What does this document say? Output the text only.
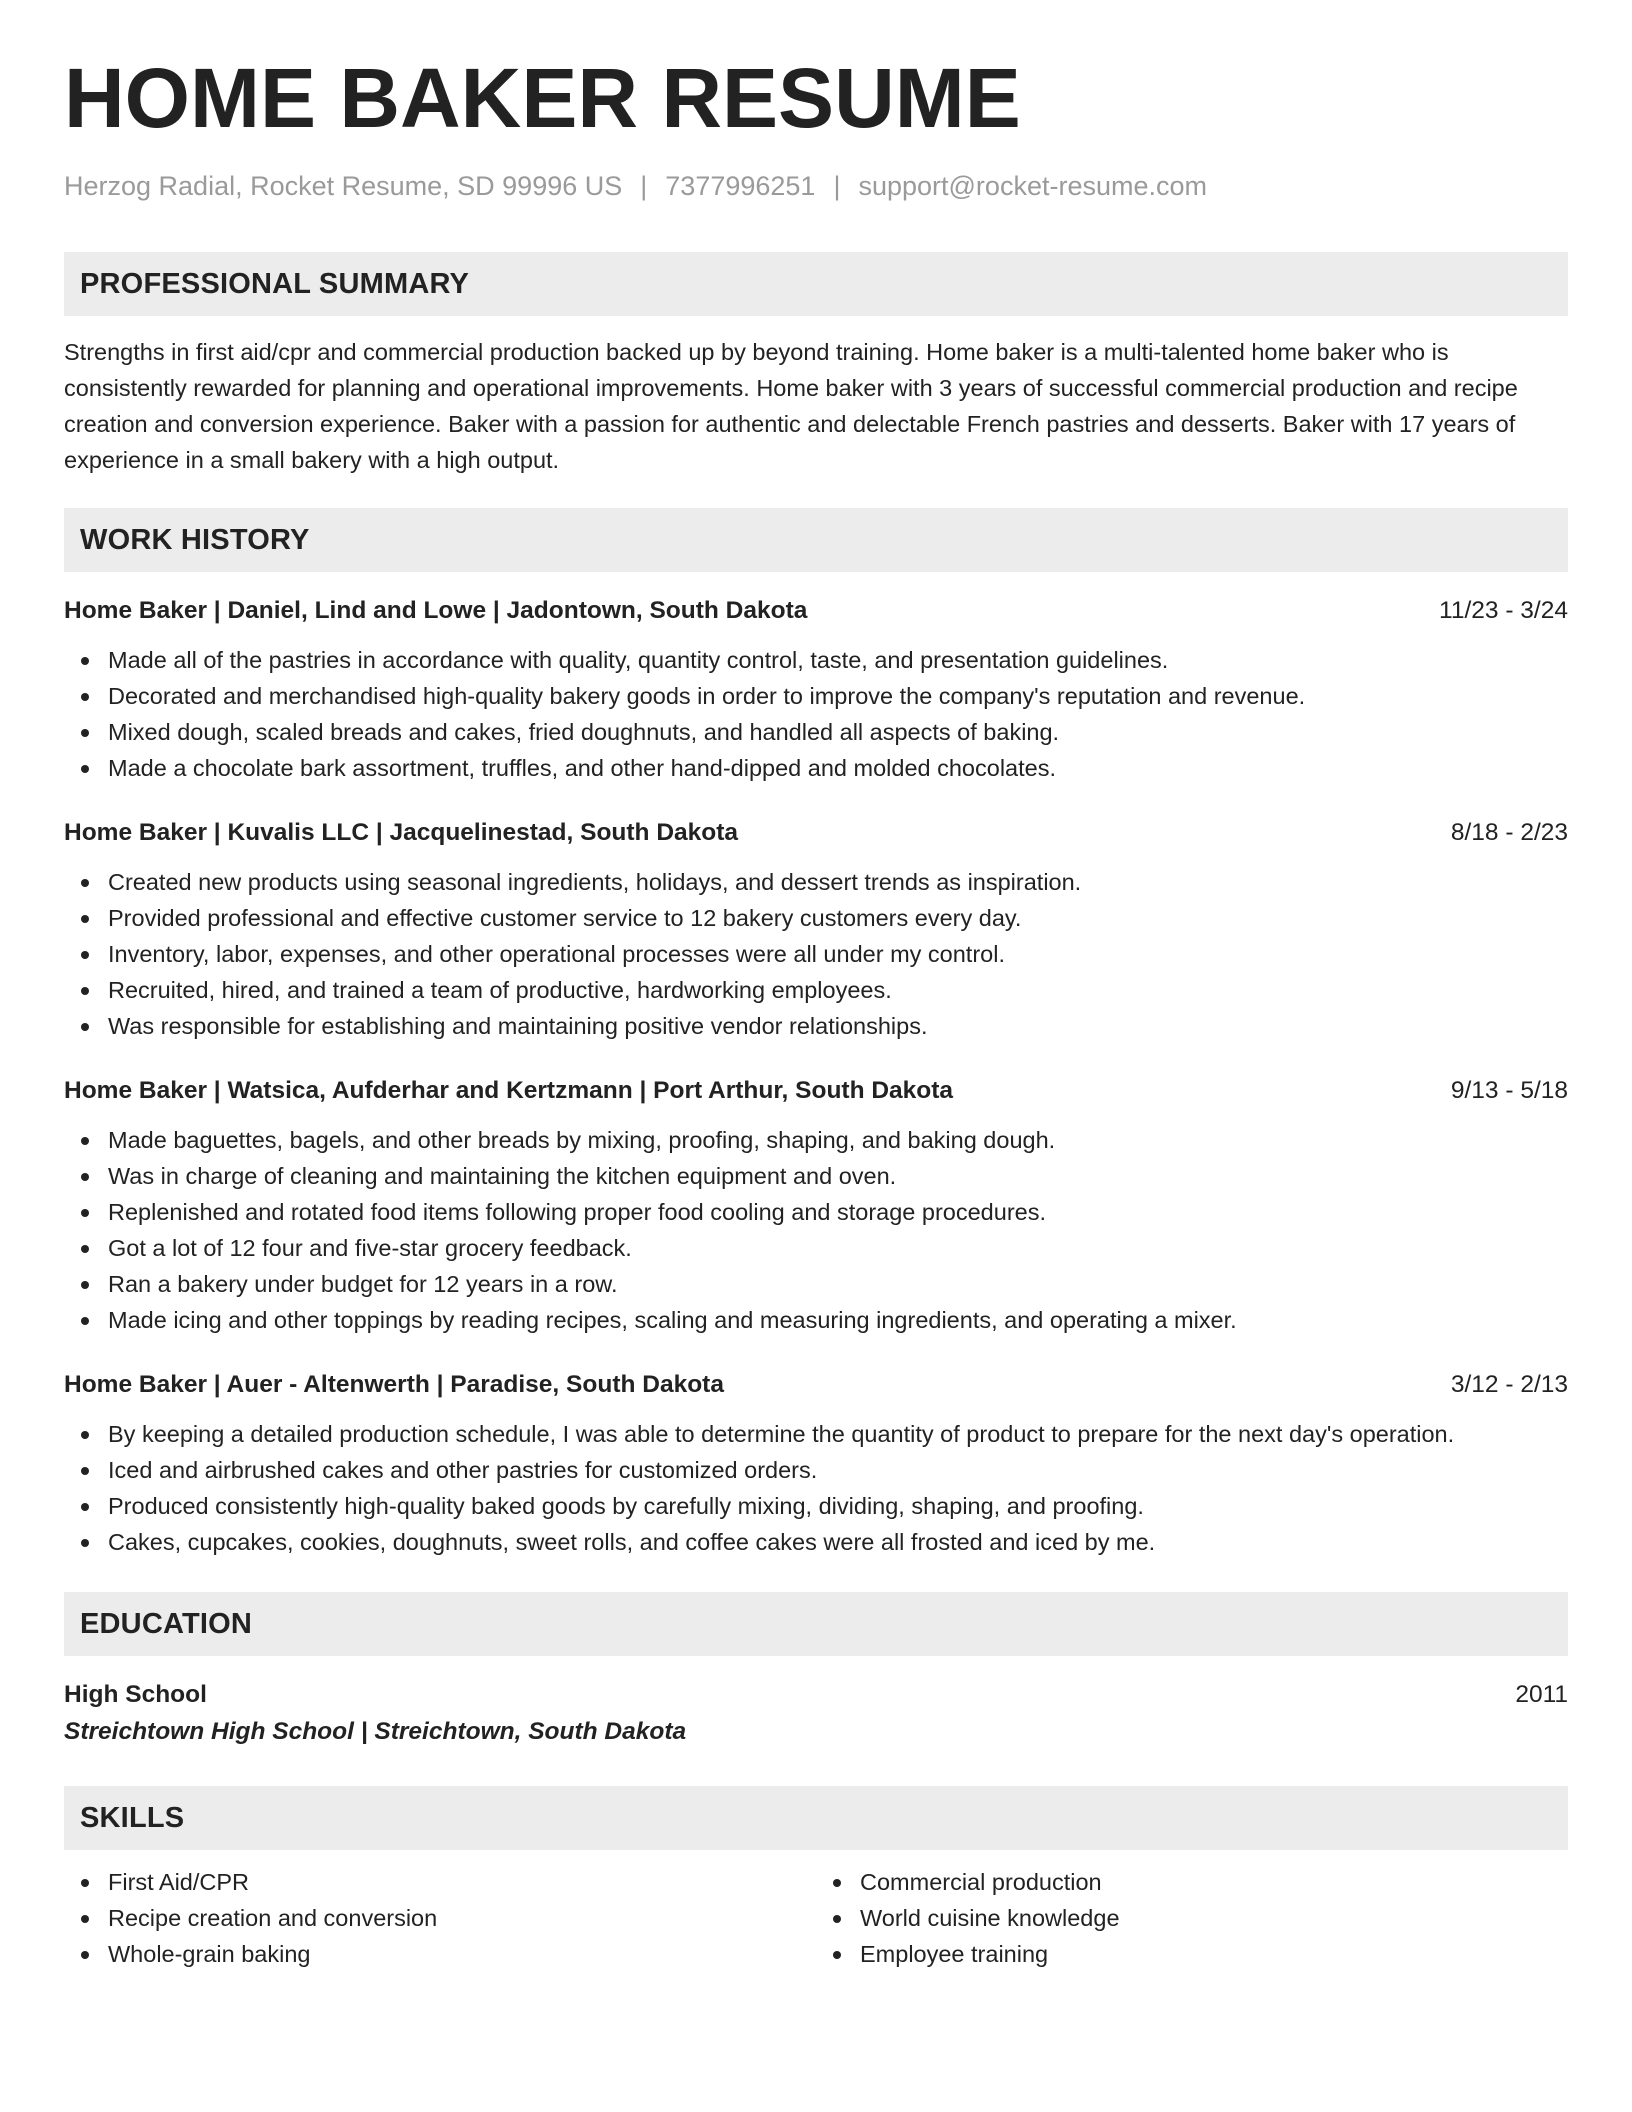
HOME BAKER RESUME
Herzog Radial, Rocket Resume, SD 99996 US | 7377996251 | support@rocket-resume.com
PROFESSIONAL SUMMARY

Strengths in first aid/cpr and commercial production backed up by beyond training. Home baker is a multi-talented home baker who is consistently rewarded for planning and operational improvements. Home baker with 3 years of successful commercial production and recipe creation and conversion experience. Baker with a passion for authentic and delectable French pastries and desserts. Baker with 17 years of experience in a small bakery with a high output.

WORK HISTORY
Home Baker | Daniel, Lind and Lowe | Jadontown, South Dakota	11/23 - 3/24
Made all of the pastries in accordance with quality, quantity control, taste, and presentation guidelines.
Decorated and merchandised high-quality bakery goods in order to improve the company's reputation and revenue.
Mixed dough, scaled breads and cakes, fried doughnuts, and handled all aspects of baking.
Made a chocolate bark assortment, truffles, and other hand-dipped and molded chocolates.
Home Baker | Kuvalis LLC | Jacquelinestad, South Dakota	8/18 - 2/23
Created new products using seasonal ingredients, holidays, and dessert trends as inspiration.
Provided professional and effective customer service to 12 bakery customers every day.
Inventory, labor, expenses, and other operational processes were all under my control.
Recruited, hired, and trained a team of productive, hardworking employees.
Was responsible for establishing and maintaining positive vendor relationships.
Home Baker | Watsica, Aufderhar and Kertzmann | Port Arthur, South Dakota	9/13 - 5/18
Made baguettes, bagels, and other breads by mixing, proofing, shaping, and baking dough.
Was in charge of cleaning and maintaining the kitchen equipment and oven.
Replenished and rotated food items following proper food cooling and storage procedures.
Got a lot of 12 four and five-star grocery feedback.
Ran a bakery under budget for 12 years in a row.
Made icing and other toppings by reading recipes, scaling and measuring ingredients, and operating a mixer.
Home Baker | Auer - Altenwerth | Paradise, South Dakota	3/12 - 2/13
By keeping a detailed production schedule, I was able to determine the quantity of product to prepare for the next day's operation.
Iced and airbrushed cakes and other pastries for customized orders.
Produced consistently high-quality baked goods by carefully mixing, dividing, shaping, and proofing.
Cakes, cupcakes, cookies, doughnuts, sweet rolls, and coffee cakes were all frosted and iced by me.
EDUCATION
High School	2011
Streichtown High School | Streichtown, South Dakota
SKILLS
First Aid/CPR
Recipe creation and conversion
Whole-grain baking
Commercial production
World cuisine knowledge
Employee training
